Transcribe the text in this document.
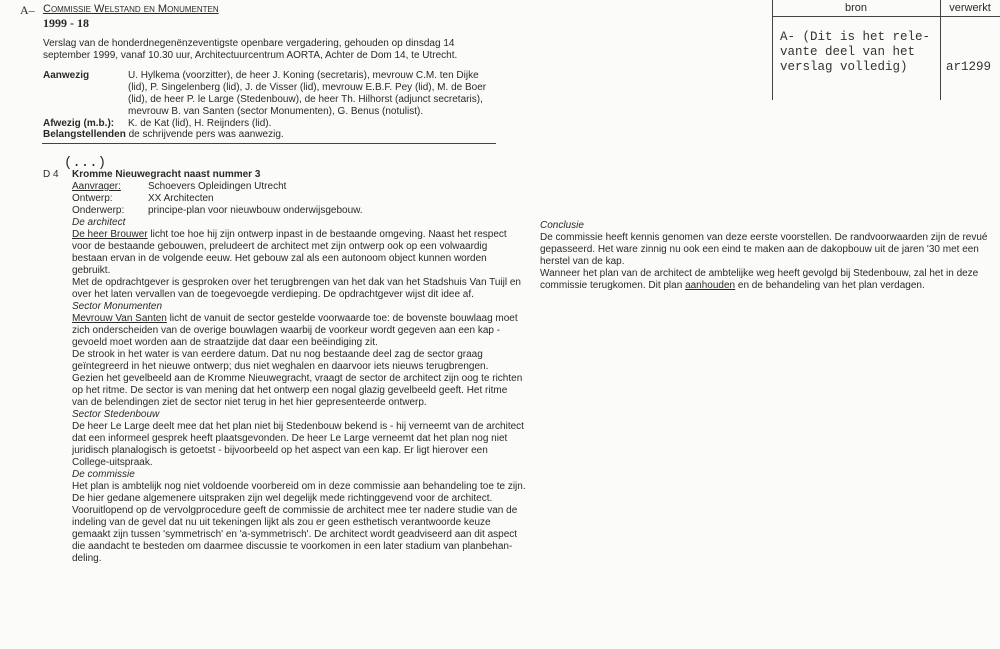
A– Commissie Welstand en Monumenten
1999 - 18
Verslag van de honderdnegenënzeventigste openbare vergadering, gehouden op dinsdag 14
september 1999, vanaf 10.30 uur, Architectuurcentrum AORTA, Achter de Dom 14, te Utrecht.
Aanwezig	U. Hylkema (voorzitter), de heer J. Koning (secretaris), mevrouw C.M. ten Dijke
(lid), P. Singelenberg (lid), J. de Visser (lid), mevrouw E.B.F. Pey (lid), M. de Boer
(lid), de heer P. le Large (Stedenbouw), de heer Th. Hilhorst (adjunct secretaris),
mevrouw B. van Santen (sector Monumenten), G. Benus (notulist).
Afwezig (m.b.): K. de Kat (lid), H. Reijnders (lid).
Belangstellenden de schrijvende pers was aanwezig.
bron	verwerkt
A- (Dit is het rele-
vante deel van het
verslag volledig)	ar1299
(...)
D 4 Kromme Nieuwegracht naast nummer 3
Aanvrager:	Schoevers Opleidingen Utrecht
Ontwerp:	XX Architecten
Onderwerp: principe-plan voor nieuwbouw onderwijsgebouw.
De architect
De heer Brouwer licht toe hoe hij zijn ontwerp inpast in de bestaande omgeving. Naast het respect
voor de bestaande gebouwen, preludeert de architect met zijn ontwerp ook op een volwaardig
bestaan ervan in de volgende eeuw. Het gebouw zal als een autonoom object kunnen worden
gebruikt.
Met de opdrachtgever is gesproken over het terugbrengen van het dak van het Stadshuis Van Tuijl en
over het laten vervallen van de toegevoegde verdieping. De opdrachtgever wijst dit idee af.
Sector Monumenten
Mevrouw Van Santen licht de vanuit de sector gestelde voorwaarde toe: de bovenste bouwlaag moet
zich onderscheiden van de overige bouwlagen waarbij de voorkeur wordt gegeven aan een kap -
gevoeld moet worden aan de straatzijde dat daar een beëindiging zit.
De strook in het water is van eerdere datum. Dat nu nog bestaande deel zag de sector graag
geïntegreerd in het nieuwe ontwerp; dus niet weghalen en daarvoor iets nieuws terugbrengen.
Gezien het gevelbeeld aan de Kromme Nieuwegracht, vraagt de sector de architect zijn oog te richten
op het ritme. De sector is van mening dat het ontwerp een nogal glazig gevelbeeld geeft. Het ritme
van de belendingen ziet de sector niet terug in het hier gepresenteerde ontwerp.
Sector Stedenbouw
De heer Le Large deelt mee dat het plan niet bij Stedenbouw bekend is - hij verneemt van de architect
dat een informeel gesprek heeft plaatsgevonden. De heer Le Large verneemt dat het plan nog niet
juridisch planalogisch is getoetst - bijvoorbeeld op het aspect van een kap. Er ligt hierover een
College-uitspraak.
De commissie
Het plan is ambtelijk nog niet voldoende voorbereid om in deze commissie aan behandeling toe te zijn.
De hier gedane algemenere uitspraken zijn wel degelijk mede richtinggevend voor de architect.
Vooruitlopend op de vervolgprocedure geeft de commissie de architect mee ter nadere studie van de
indeling van de gevel dat nu uit tekeningen lijkt als zou er geen esthetisch verantwoorde keuze
gemaakt zijn tussen 'symmetrisch' en 'a-symmetrisch'. De architect wordt geadviseerd aan dit aspect
die aandacht te besteden om daarmee discussie te voorkomen in een later stadium van planbehan-
deling.
Conclusie
De commissie heeft kennis genomen van deze eerste voorstellen. De randvoorwaarden zijn de revué
gepasseerd. Het ware zinnig nu ook een eind te maken aan de dakopbouw uit de jaren '30 met een
herstel van de kap.
Wanneer het plan van de architect de ambtelijke weg heeft gevolgd bij Stedenbouw, zal het in deze
commissie terugkomen. Dit plan aanhouden en de behandeling van het plan verdagen.
